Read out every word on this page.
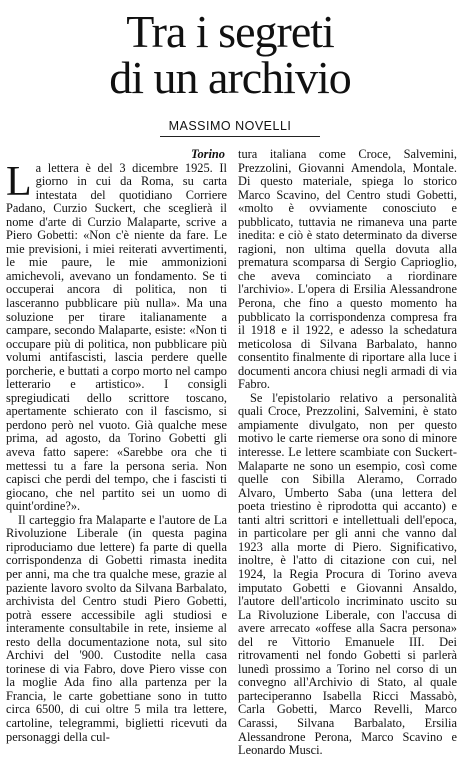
Tra i segreti
di un archivio
MASSIMO NOVELLI
Torino

La lettera è del 3 dicembre 1925. Il giorno in cui da Roma, su carta intestata del quotidiano Corriere Padano, Curzio Suckert, che sceglierà il nome d'arte di Curzio Malaparte, scrive a Piero Gobetti: «Non c'è niente da fare. Le mie previsioni, i miei reiterati avvertimenti, le mie paure, le mie ammonizioni amichevoli, avevano un fondamento. Se ti occuperai ancora di politica, non ti lasceranno pubblicare più nulla». Ma una soluzione per tirare italianamente a campare, secondo Malaparte, esiste: «Non ti occupare più di politica, non pubblicare più volumi antifascisti, lascia perdere quelle porcherie, e buttati a corpo morto nel campo letterario e artistico». I consigli spregiudicati dello scrittore toscano, apertamente schierato con il fascismo, si perdono però nel vuoto. Già qualche mese prima, ad agosto, da Torino Gobetti gli aveva fatto sapere: «Sarebbe ora che ti mettessi tu a fare la persona seria. Non capisci che perdi del tempo, che i fascisti ti giocano, che nel partito sei un uomo di quint'ordine?».

Il carteggio fra Malaparte e l'autore de La Rivoluzione Liberale (in questa pagina riproduciamo due lettere) fa parte di quella corrispondenza di Gobetti rimasta inedita per anni, ma che tra qualche mese, grazie al paziente lavoro svolto da Silvana Barbalato, archivista del Centro studi Piero Gobetti, potrà essere accessibile agli studiosi e interamente consultabile in rete, insieme al resto della documentazione nota, sul sito Archivi del '900. Custodite nella casa torinese di via Fabro, dove Piero visse con la moglie Ada fino alla partenza per la Francia, le carte gobettiane sono in tutto circa 6500, di cui oltre 5 mila tra lettere, cartoline, telegrammi, biglietti ricevuti da personaggi della cul-

tura italiana come Croce, Salvemini, Prezzolini, Giovanni Amendola, Montale. Di questo materiale, spiega lo storico Marco Scavino, del Centro studi Gobetti, «molto è ovviamente conosciuto e pubblicato, tuttavia ne rimaneva una parte inedita: e ciò è stato determinato da diverse ragioni, non ultima quella dovuta alla prematura scomparsa di Sergio Caprioglio, che aveva cominciato a riordinare l'archivio». L'opera di Ersilia Alessandrone Perona, che fino a questo momento ha pubblicato la corrispondenza compresa fra il 1918 e il 1922, e adesso la schedatura meticolosa di Silvana Barbalato, hanno consentito finalmente di riportare alla luce i documenti ancora chiusi negli armadi di via Fabro.

Se l'epistolario relativo a personalità quali Croce, Prezzolini, Salvemini, è stato ampiamente divulgato, non per questo motivo le carte riemerse ora sono di minore interesse. Le lettere scambiate con Suckert-Malaparte ne sono un esempio, così come quelle con Sibilla Aleramo, Corrado Alvaro, Umberto Saba (una lettera del poeta triestino è riprodotta qui accanto) e tanti altri scrittori e intellettuali dell'epoca, in particolare per gli anni che vanno dal 1923 alla morte di Piero. Significativo, inoltre, è l'atto di citazione con cui, nel 1924, la Regia Procura di Torino aveva imputato Gobetti e Giovanni Ansaldo, l'autore dell'articolo incriminato uscito su La Rivoluzione Liberale, con l'accusa di avere arrecato «offese alla Sacra persona» del re Vittorio Emanuele III. Dei ritrovamenti nel fondo Gobetti si parlerà lunedì prossimo a Torino nel corso di un convegno all'Archivio di Stato, al quale parteciperanno Isabella Ricci Massabò, Carla Gobetti, Marco Revelli, Marco Carassi, Silvana Barbalato, Ersilia Alessandrone Perona, Marco Scavino e Leonardo Musci.
